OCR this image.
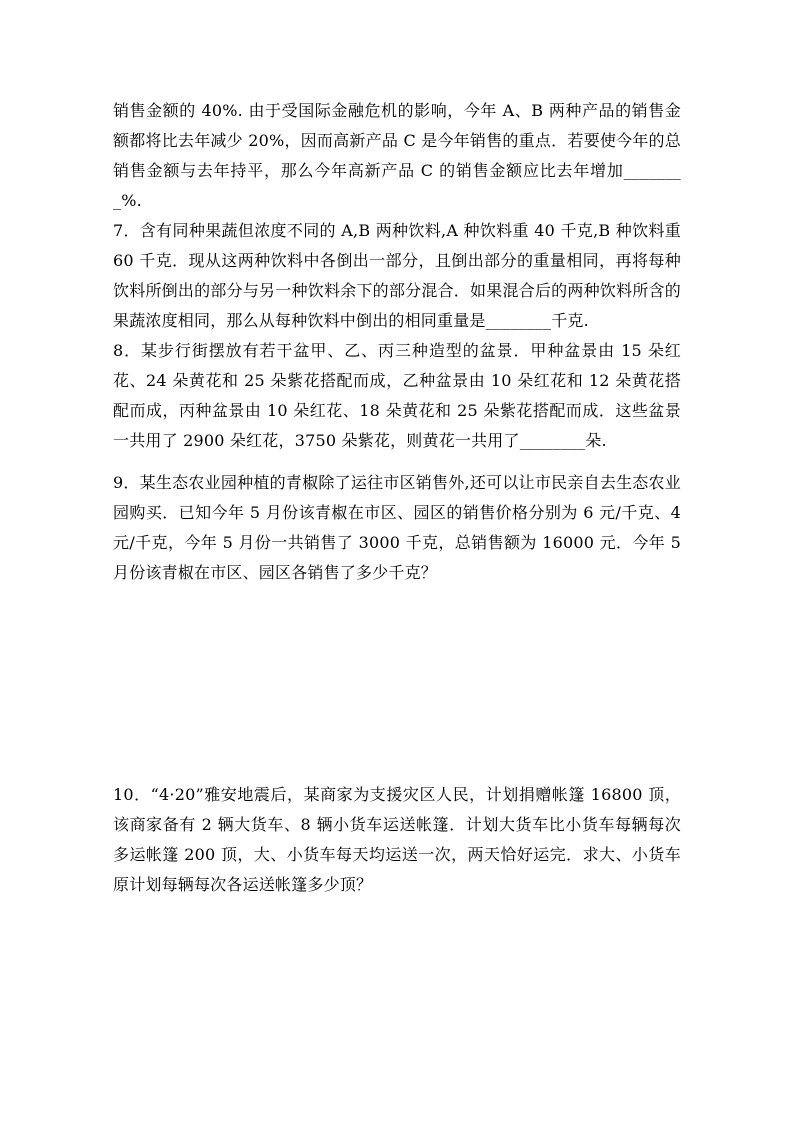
销售金额的 40%. 由于受国际金融危机的影响，今年 A、B 两种产品的销售金额都将比去年减少 20%，因而高新产品 C 是今年销售的重点．若要使今年的总销售金额与去年持平，那么今年高新产品 C 的销售金额应比去年增加________%.

7．含有同种果蔬但浓度不同的 A,B 两种饮料,A 种饮料重 40 千克,B 种饮料重 60 千克．现从这两种饮料中各倒出一部分，且倒出部分的重量相同，再将每种饮料所倒出的部分与另一种饮料余下的部分混合．如果混合后的两种饮料所含的果蔬浓度相同，那么从每种饮料中倒出的相同重量是________千克.

8．某步行街摆放有若干盆甲、乙、丙三种造型的盆景．甲种盆景由 15 朵红花、24 朵黄花和 25 朵紫花搭配而成，乙种盆景由 10 朵红花和 12 朵黄花搭配而成，丙种盆景由 10 朵红花、18 朵黄花和 25 朵紫花搭配而成．这些盆景一共用了 2900 朵红花，3750 朵紫花，则黄花一共用了________朵.

9．某生态农业园种植的青椒除了运往市区销售外,还可以让市民亲自去生态农业园购买．已知今年 5 月份该青椒在市区、园区的销售价格分别为 6 元/千克、4 元/千克，今年 5 月份一共销售了 3000 千克，总销售额为 16000 元．今年 5 月份该青椒在市区、园区各销售了多少千克？

10．“4·20”雅安地震后，某商家为支援灾区人民，计划捐赠帐篷 16800 顶，该商家备有 2 辆大货车、8 辆小货车运送帐篷．计划大货车比小货车每辆每次多运帐篷 200 顶，大、小货车每天均运送一次，两天恰好运完．求大、小货车原计划每辆每次各运送帐篷多少顶？
